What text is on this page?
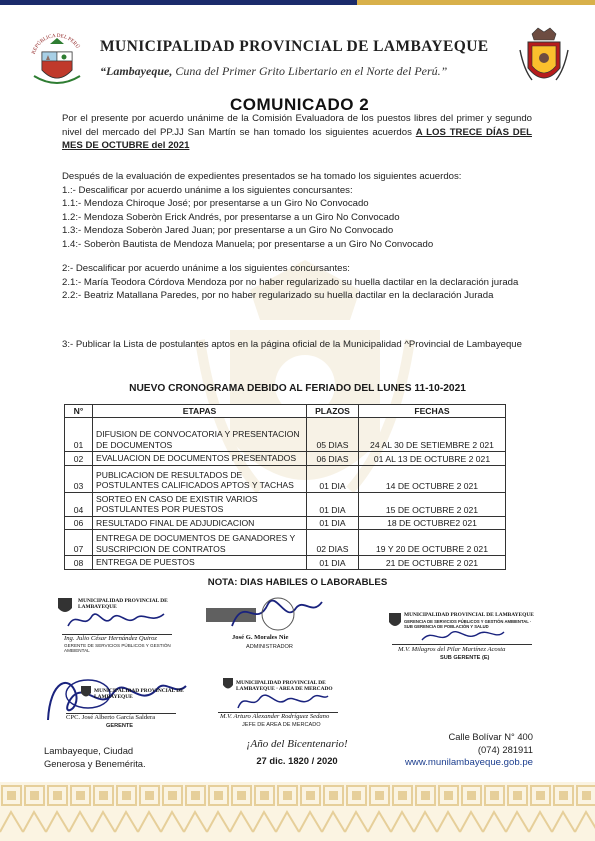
REPÚBLICA DEL PERÚ MUNICIPALIDAD PROVINCIAL DE LAMBAYEQUE
“Lambayeque, Cuna del Primer Grito Libertario en el Norte del Perú.”
COMUNICADO 2
Por el presente por acuerdo unánime de la Comisión Evaluadora de los puestos libres del primer y segundo nivel del mercado del PP.JJ San Martín se han tomado los siguientes acuerdos A LOS TRECE DÍAS DEL MES DE OCTUBRE del 2021
Después de la evaluación de expedientes presentados se ha tomado los siguientes acuerdos:
1.:- Descalificar por acuerdo unánime a los siguientes concursantes:
1.1:- Mendoza Chiroque José; por presentarse a un Giro No Convocado
1.2:- Mendoza Soberòn Erick Andrés, por presentarse a un Giro No Convocado
1.3:- Mendoza Soberòn Jared Juan; por presentarse a un Giro No Convocado
1.4:- Soberòn Bautista de Mendoza Manuela; por presentarse a un Giro No Convocado
2:- Descalificar por acuerdo unánime a los siguientes concursantes:
2.1:- María Teodora Córdova Mendoza por no haber regularizado su huella dactilar en la declaración jurada
2.2:- Beatriz Matallana Paredes, por no haber regularizado su huella dactilar en la declaración Jurada
3:- Publicar la Lista de postulantes aptos en la página oficial de la Municipalidad ^Provincial de Lambayeque
NUEVO CRONOGRAMA DEBIDO AL FERIADO DEL LUNES 11-10-2021
N°	ETAPAS	PLAZOS	FECHAS
01	DIFUSION DE CONVOCATORIA Y PRESENTACION DE DOCUMENTOS	05 DIAS	24 AL 30 DE SETIEMBRE 2 021
02	EVALUACION DE DOCUMENTOS PRESENTADOS	06 DIAS	01 AL 13 DE OCTUBRE 2 021
03	PUBLICACION DE RESULTADOS DE POSTULANTES CALIFICADOS APTOS Y TACHAS	01 DIA	14 DE OCTUBRE 2 021
04	SORTEO EN CASO DE EXISTIR VARIOS POSTULANTES POR PUESTOS	01 DIA	15 DE OCTUBRE 2 021
06	RESULTADO FINAL DE ADJUDICACION	01 DIA	18 DE OCTUBRE2 021
07	ENTREGA DE DOCUMENTOS DE GANADORES Y SUSCRIPCION DE CONTRATOS	02 DIAS	19 Y 20 DE OCTUBRE 2 021
08	ENTREGA DE PUESTOS	01 DIA	21 DE OCTUBRE 2 021
NOTA: DIAS HABILES O LABORABLES
MUNICIPALIDAD PROVINCIAL DE LAMBAYEQUE
Ing. Julio César Hernández Quiroz
GERENTE DE SERVICIOS PÚBLICOS Y GESTIÓN AMBIENTAL
José G. Morales Nie
ADMINISTRADOR
MUNICIPALIDAD PROVINCIAL DE LAMBAYEQUE
GERENCIA DE SERVICIOS PÚBLICOS Y GESTIÓN AMBIENTAL · SUB GERENCIA DE POBLACIÓN Y SALUD
M.V. Milagros del Pilar Martínez Acosta
SUB GERENTE (E)
MUNICIPALIDAD PROVINCIAL DE LAMBAYEQUE
CPC. José Alberto García Saldera
GERENTE
MUNICIPALIDAD PROVINCIAL DE LAMBAYEQUE · AREA DE MERCADO
M.V. Arturo Alexander Rodríguez Sedano
JEFE DE AREA DE MERCADO
Lambayeque, Ciudad
Generosa y Benemérita.
¡Año del Bicentenario!
27 dic. 1820 / 2020
Calle Bolívar N° 400
(074) 281911
www.munilambayeque.gob.pe
